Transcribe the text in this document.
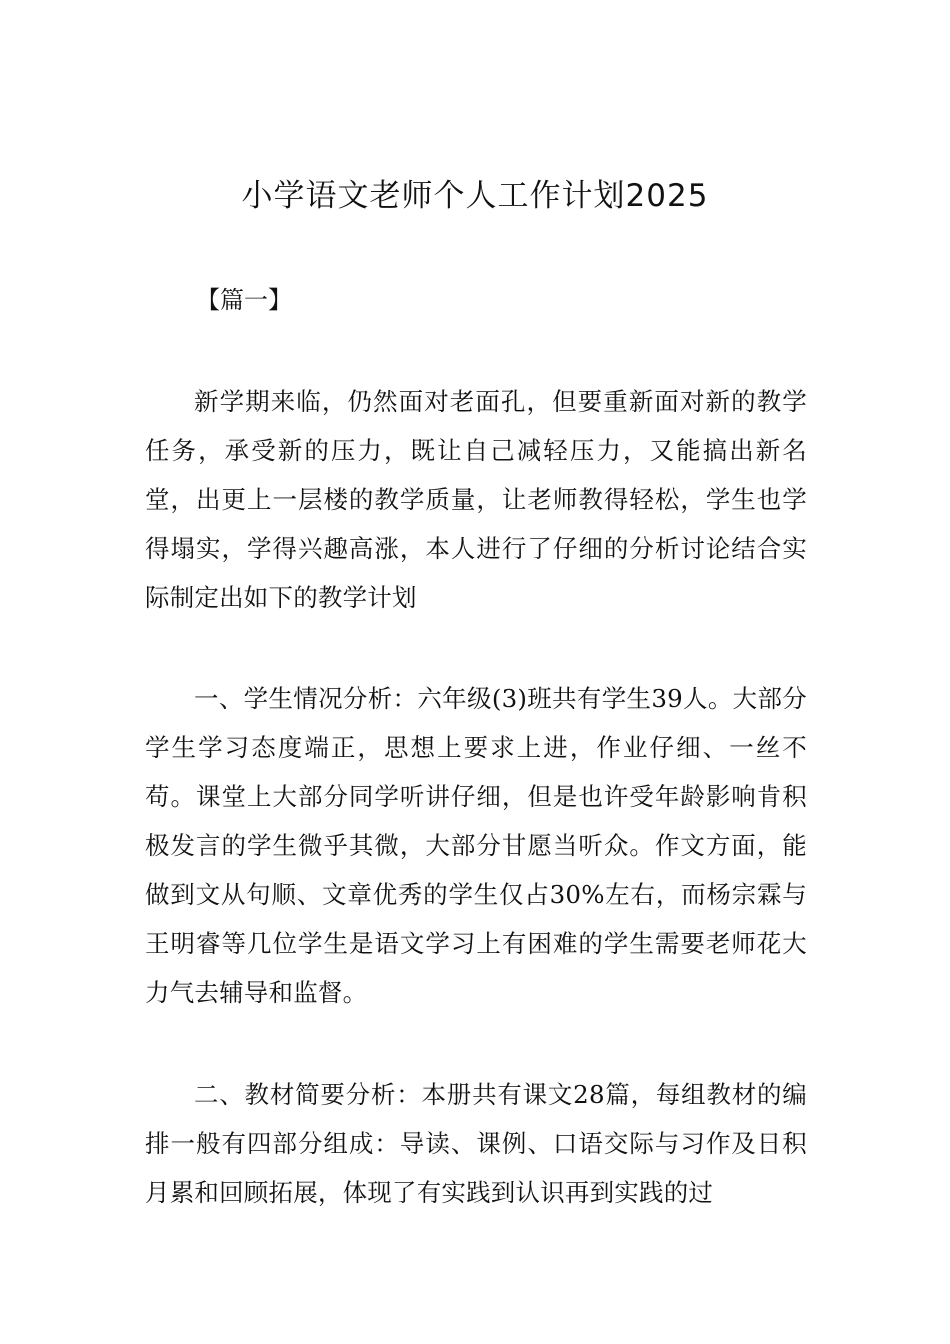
小学语文老师个人工作计划2025

【篇一】

新学期来临，仍然面对老面孔，但要重新面对新的教学任务，承受新的压力，既让自己减轻压力，又能搞出新名堂，出更上一层楼的教学质量，让老师教得轻松，学生也学得塌实，学得兴趣高涨，本人进行了仔细的分析讨论结合实际制定出如下的教学计划

一、学生情况分析：六年级(3)班共有学生39人。大部分学生学习态度端正，思想上要求上进，作业仔细、一丝不苟。课堂上大部分同学听讲仔细，但是也许受年龄影响肯积极发言的学生微乎其微，大部分甘愿当听众。作文方面，能做到文从句顺、文章优秀的学生仅占30%左右，而杨宗霖与王明睿等几位学生是语文学习上有困难的学生需要老师花大力气去辅导和监督。

二、教材简要分析：本册共有课文28篇，每组教材的编排一般有四部分组成：导读、课例、口语交际与习作及日积月累和回顾拓展，体现了有实践到认识再到实践的过
